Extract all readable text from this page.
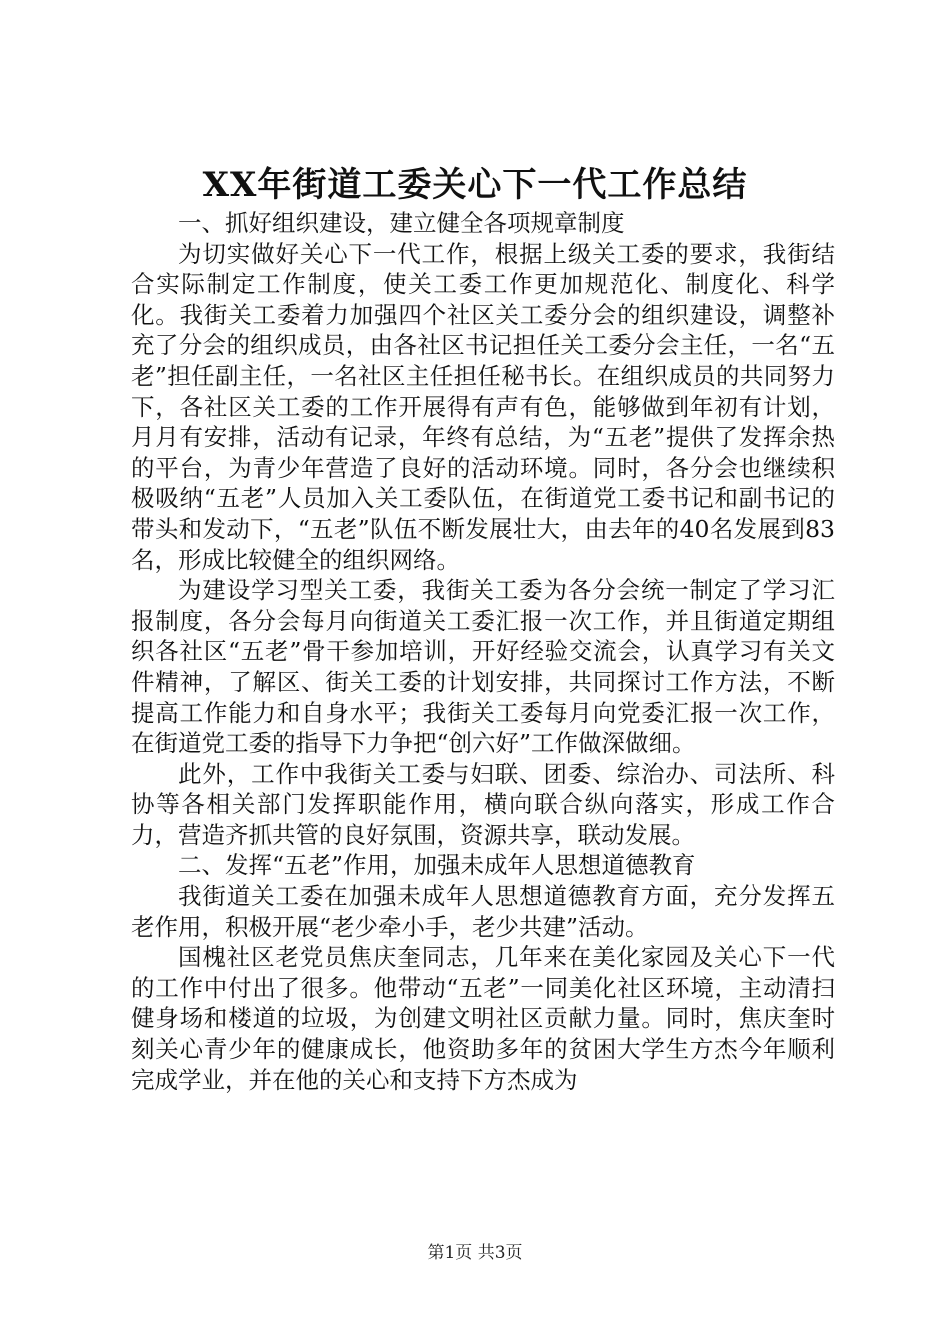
XX年街道工委关心下一代工作总结

一、抓好组织建设，建立健全各项规章制度

为切实做好关心下一代工作，根据上级关工委的要求，我街结合实际制定工作制度，使关工委工作更加规范化、制度化、科学化。我街关工委着力加强四个社区关工委分会的组织建设，调整补充了分会的组织成员，由各社区书记担任关工委分会主任，一名“五老”担任副主任，一名社区主任担任秘书长。在组织成员的共同努力下，各社区关工委的工作开展得有声有色，能够做到年初有计划，月月有安排，活动有记录，年终有总结，为“五老”提供了发挥余热的平台，为青少年营造了良好的活动环境。同时，各分会也继续积极吸纳“五老”人员加入关工委队伍，在街道党工委书记和副书记的带头和发动下，“五老”队伍不断发展壮大，由去年的40名发展到83名，形成比较健全的组织网络。

为建设学习型关工委，我街关工委为各分会统一制定了学习汇报制度，各分会每月向街道关工委汇报一次工作，并且街道定期组织各社区“五老”骨干参加培训，开好经验交流会，认真学习有关文件精神，了解区、街关工委的计划安排，共同探讨工作方法，不断提高工作能力和自身水平；我街关工委每月向党委汇报一次工作，在街道党工委的指导下力争把“创六好”工作做深做细。

此外，工作中我街关工委与妇联、团委、综治办、司法所、科协等各相关部门发挥职能作用，横向联合纵向落实，形成工作合力，营造齐抓共管的良好氛围，资源共享，联动发展。

二、发挥“五老”作用，加强未成年人思想道德教育

我街道关工委在加强未成年人思想道德教育方面，充分发挥五老作用，积极开展“老少牵小手，老少共建”活动。

国槐社区老党员焦庆奎同志，几年来在美化家园及关心下一代的工作中付出了很多。他带动“五老”一同美化社区环境，主动清扫健身场和楼道的垃圾，为创建文明社区贡献力量。同时，焦庆奎时刻关心青少年的健康成长，他资助多年的贫困大学生方杰今年顺利完成学业，并在他的关心和支持下方杰成为

第1页 共3页
